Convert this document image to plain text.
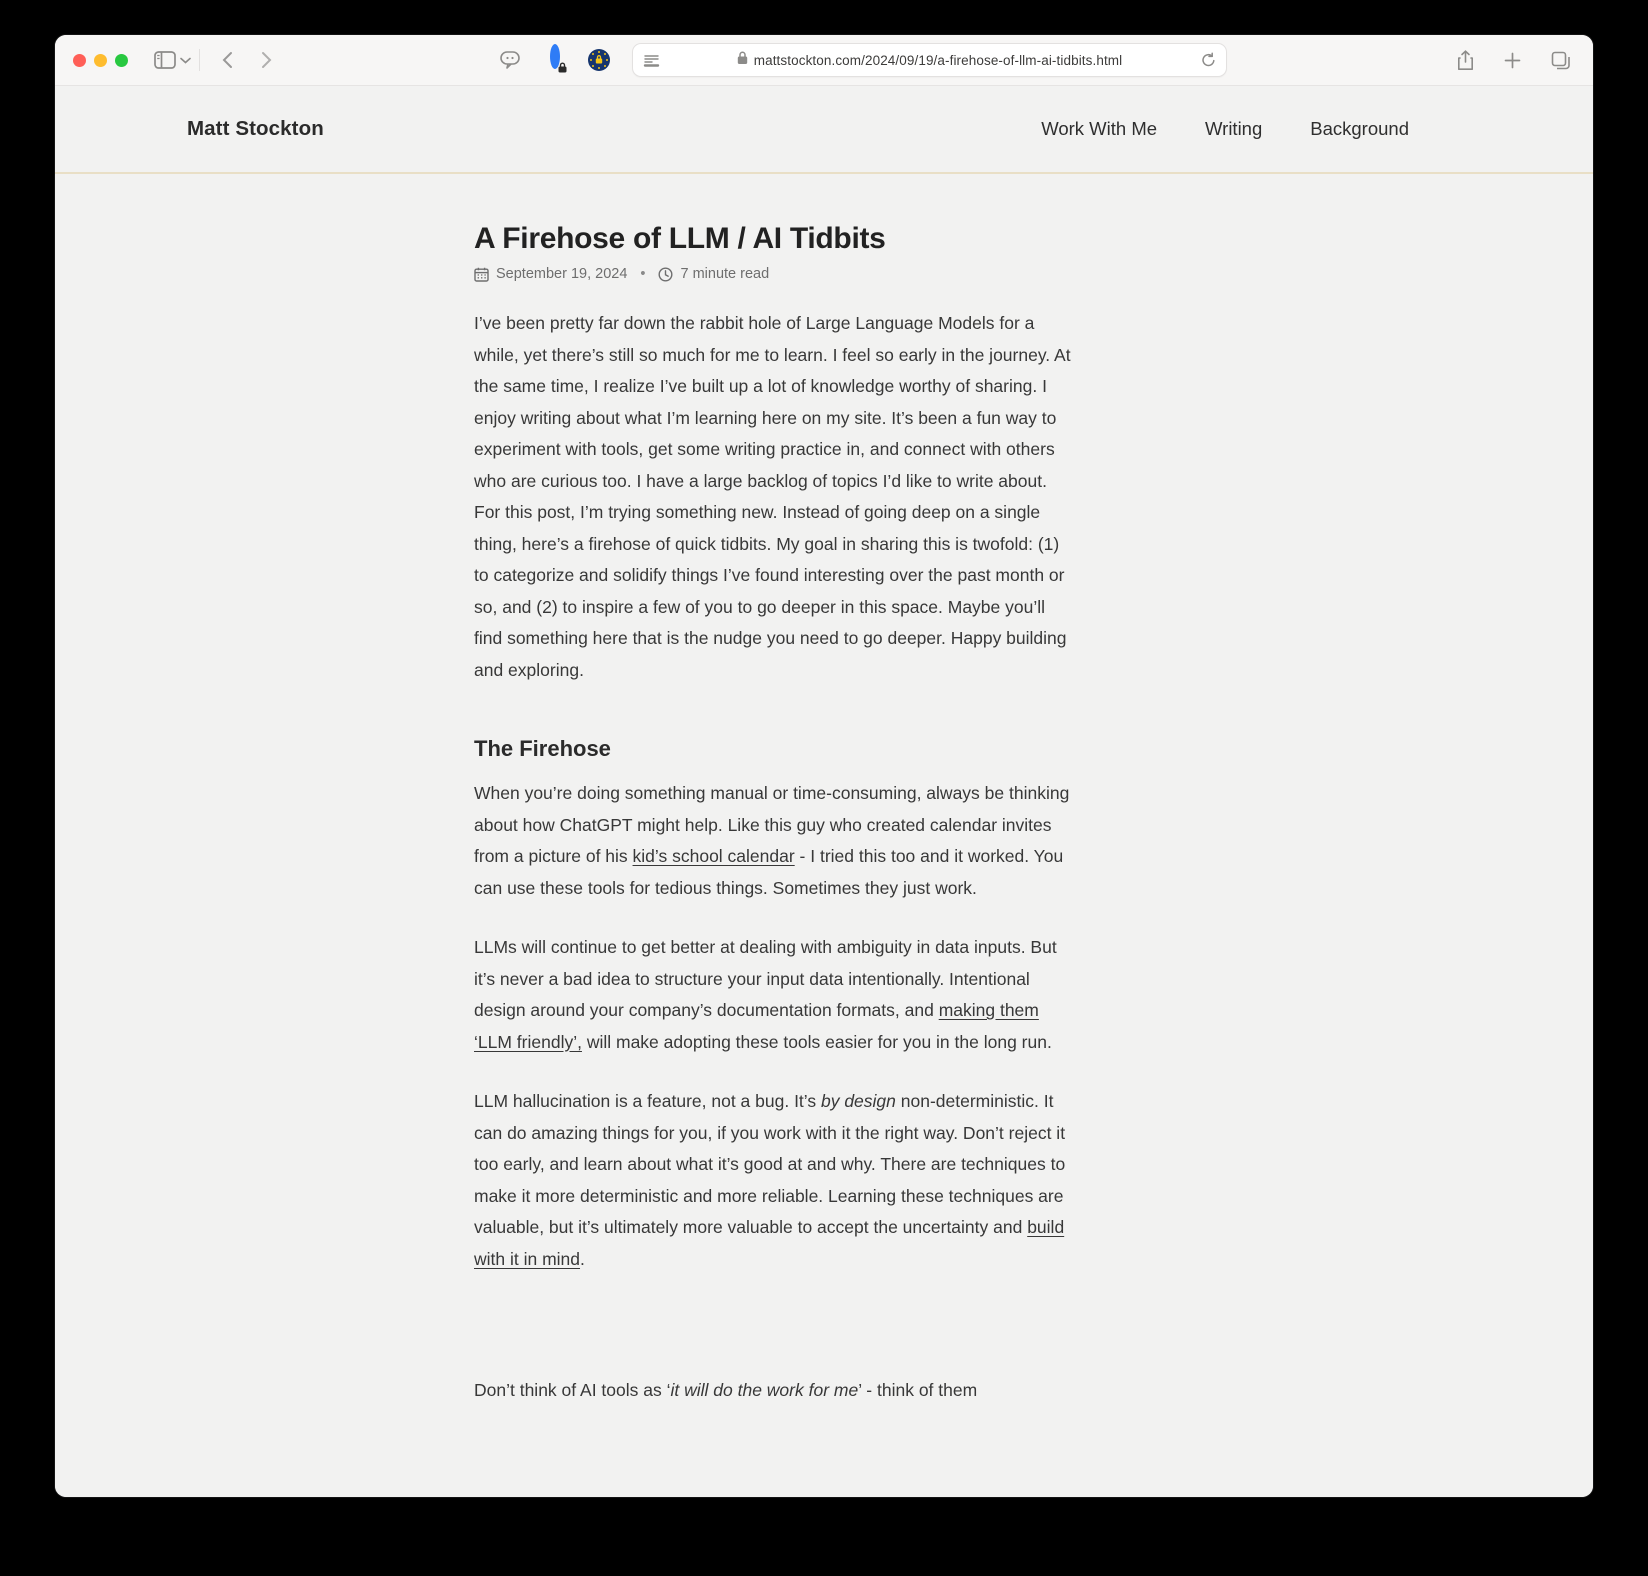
mattstockton.com/2024/09/19/a-firehose-of-llm-ai-tidbits.html
Matt Stockton	Work With Me	Writing	Background
A Firehose of LLM / AI Tidbits
September 19, 2024 • 7 minute read

I’ve been pretty far down the rabbit hole of Large Language Models for a while, yet there’s still so much for me to learn. I feel so early in the journey. At the same time, I realize I’ve built up a lot of knowledge worthy of sharing. I enjoy writing about what I’m learning here on my site. It’s been a fun way to experiment with tools, get some writing practice in, and connect with others who are curious too. I have a large backlog of topics I’d like to write about. For this post, I’m trying something new. Instead of going deep on a single thing, here’s a firehose of quick tidbits. My goal in sharing this is twofold: (1) to categorize and solidify things I’ve found interesting over the past month or so, and (2) to inspire a few of you to go deeper in this space. Maybe you’ll find something here that is the nudge you need to go deeper. Happy building and exploring.

The Firehose

When you’re doing something manual or time-consuming, always be thinking about how ChatGPT might help. Like this guy who created calendar invites from a picture of his kid’s school calendar - I tried this too and it worked. You can use these tools for tedious things. Sometimes they just work.

LLMs will continue to get better at dealing with ambiguity in data inputs. But it’s never a bad idea to structure your input data intentionally. Intentional design around your company’s documentation formats, and making them ‘LLM friendly’, will make adopting these tools easier for you in the long run.

LLM hallucination is a feature, not a bug. It’s by design non-deterministic. It can do amazing things for you, if you work with it the right way. Don’t reject it too early, and learn about what it’s good at and why. There are techniques to make it more deterministic and more reliable. Learning these techniques are valuable, but it’s ultimately more valuable to accept the uncertainty and build with it in mind.

Don’t think of AI tools as ‘it will do the work for me’ - think of them
